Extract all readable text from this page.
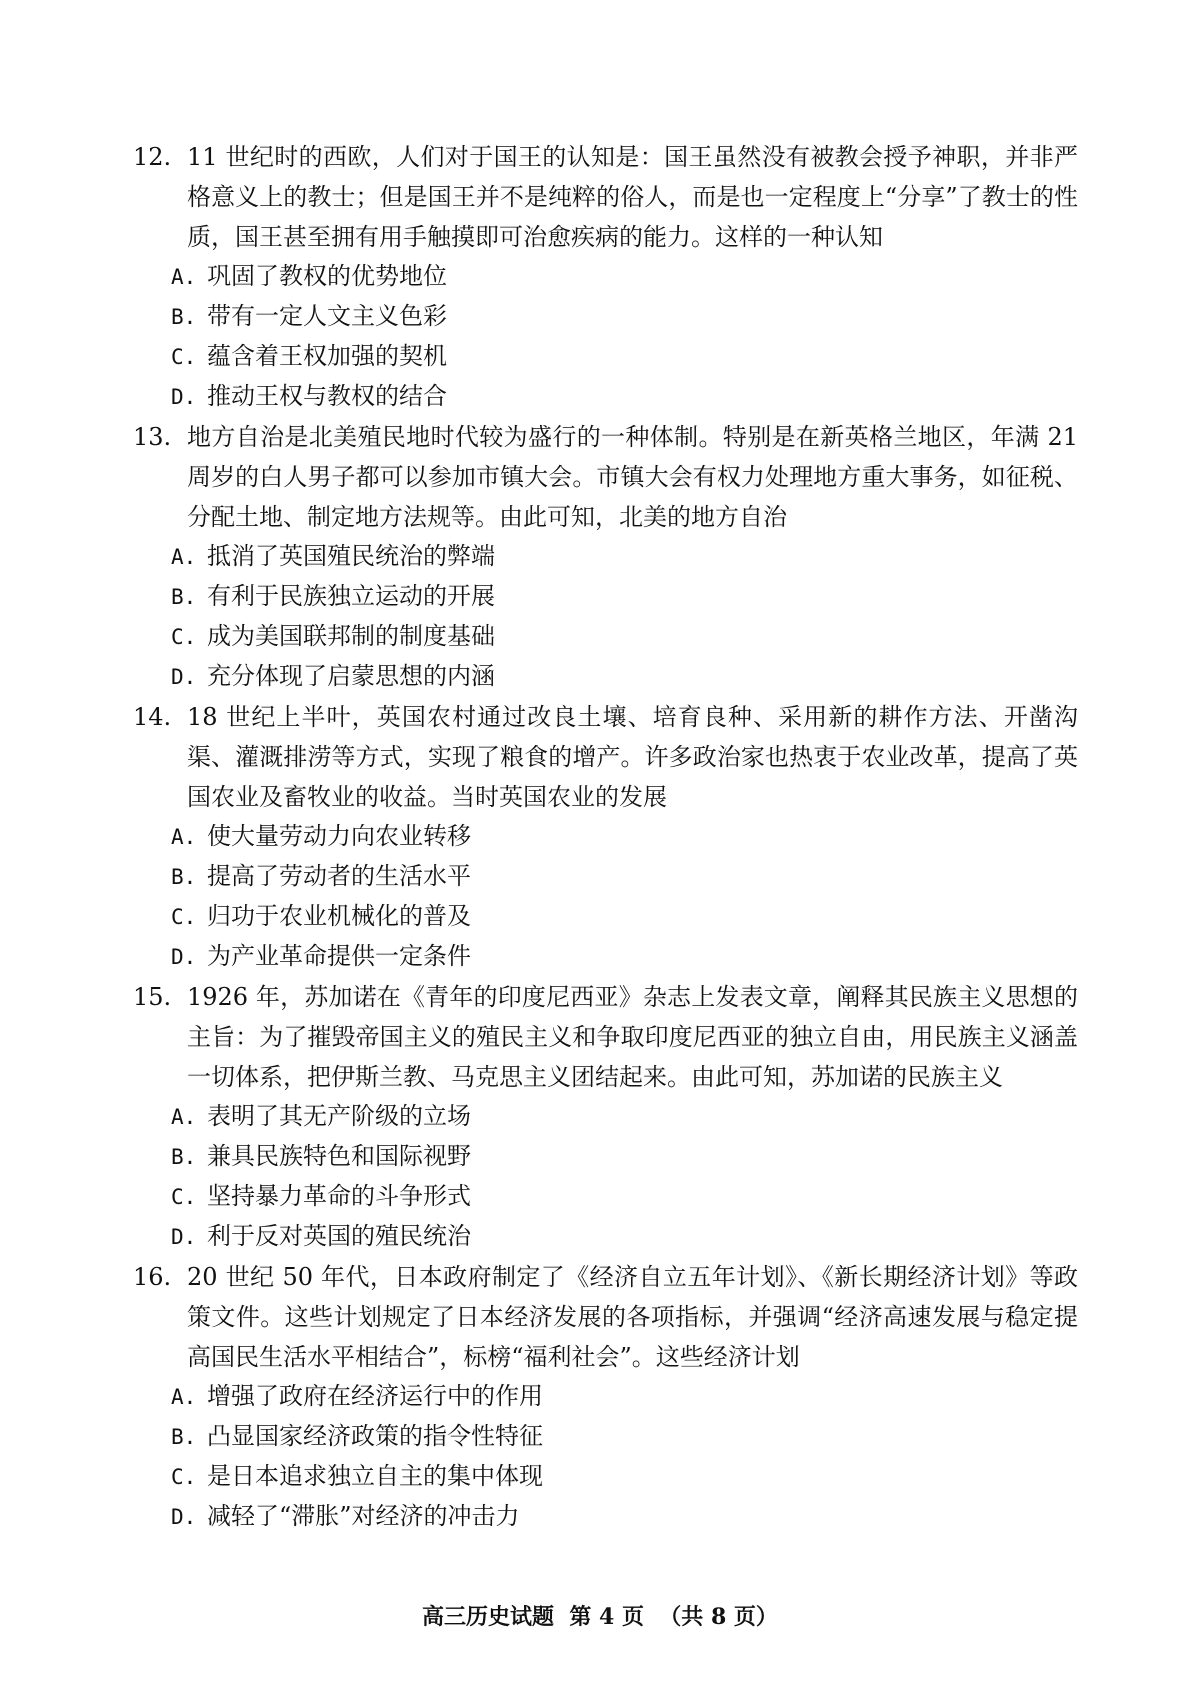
12. 11 世纪时的西欧，人们对于国王的认知是：国王虽然没有被教会授予神职，并非严格意义上的教士；但是国王并不是纯粹的俗人，而是也一定程度上“分享”了教士的性质，国王甚至拥有用手触摸即可治愈疾病的能力。这样的一种认知
A. 巩固了教权的优势地位
B. 带有一定人文主义色彩
C. 蕴含着王权加强的契机
D. 推动王权与教权的结合
13. 地方自治是北美殖民地时代较为盛行的一种体制。特别是在新英格兰地区，年满 21 周岁的白人男子都可以参加市镇大会。市镇大会有权力处理地方重大事务，如征税、分配土地、制定地方法规等。由此可知，北美的地方自治
A. 抵消了英国殖民统治的弊端
B. 有利于民族独立运动的开展
C. 成为美国联邦制的制度基础
D. 充分体现了启蒙思想的内涵
14. 18 世纪上半叶，英国农村通过改良土壤、培育良种、采用新的耕作方法、开凿沟渠、灌溉排涝等方式，实现了粮食的增产。许多政治家也热衷于农业改革，提高了英国农业及畜牧业的收益。当时英国农业的发展
A. 使大量劳动力向农业转移
B. 提高了劳动者的生活水平
C. 归功于农业机械化的普及
D. 为产业革命提供一定条件
15. 1926 年，苏加诺在《青年的印度尼西亚》杂志上发表文章，阐释其民族主义思想的主旨：为了摧毁帝国主义的殖民主义和争取印度尼西亚的独立自由，用民族主义涵盖一切体系，把伊斯兰教、马克思主义团结起来。由此可知，苏加诺的民族主义
A. 表明了其无产阶级的立场
B. 兼具民族特色和国际视野
C. 坚持暴力革命的斗争形式
D. 利于反对英国的殖民统治
16. 20 世纪 50 年代，日本政府制定了《经济自立五年计划》、《新长期经济计划》等政策文件。这些计划规定了日本经济发展的各项指标，并强调“经济高速发展与稳定提高国民生活水平相结合”，标榜“福利社会”。这些经济计划
A. 增强了政府在经济运行中的作用
B. 凸显国家经济政策的指令性特征
C. 是日本追求独立自主的集中体现
D. 减轻了“滞胀”对经济的冲击力
高三历史试题  第 4 页  （共 8 页）
